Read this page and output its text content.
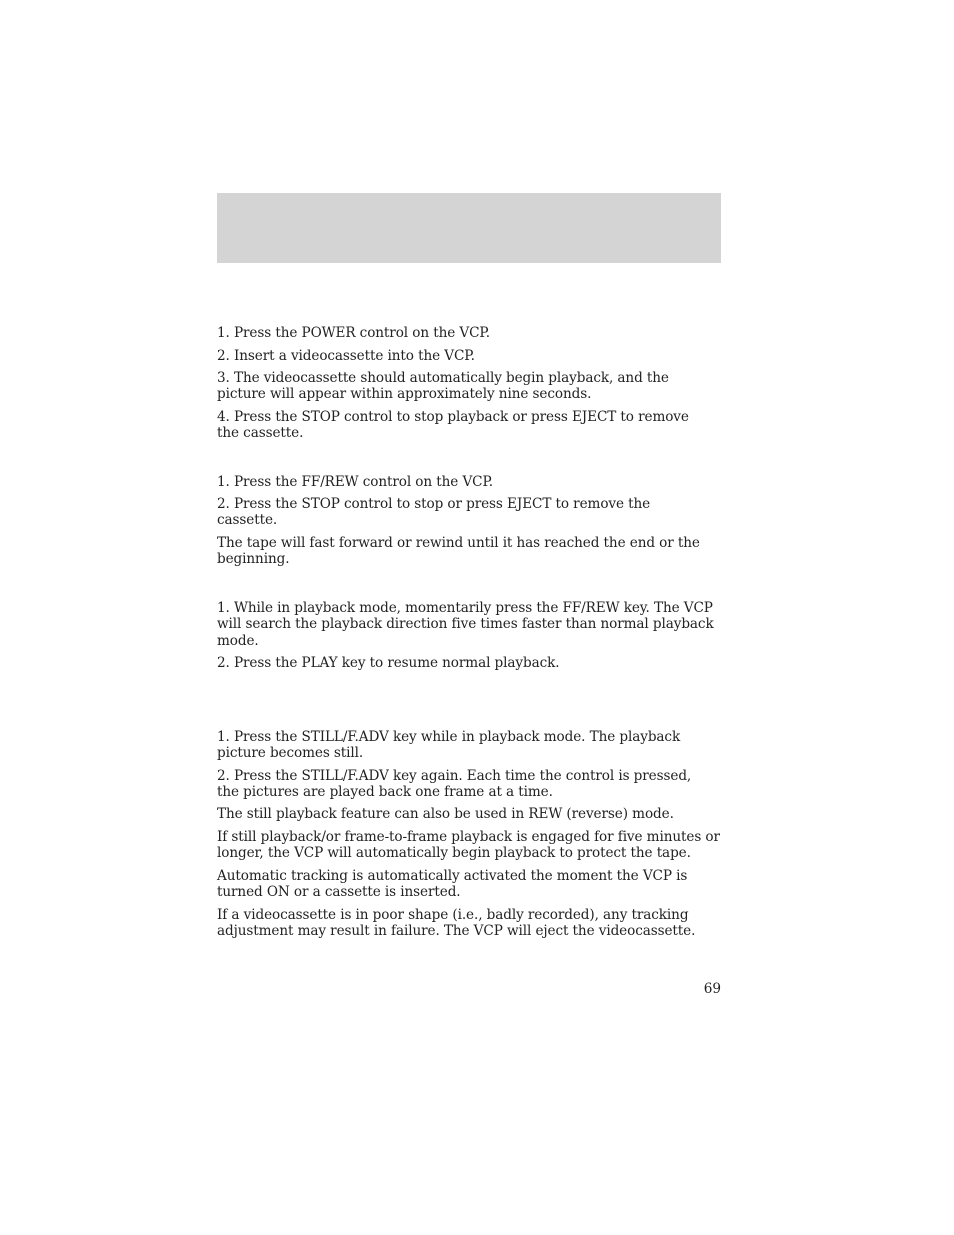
1. Press the POWER control on the VCP.

2. Insert a videocassette into the VCP.

3. The videocassette should automatically begin playback, and the
picture will appear within approximately nine seconds.

4. Press the STOP control to stop playback or press EJECT to remove
the cassette.

1. Press the FF/REW control on the VCP.

2. Press the STOP control to stop or press EJECT to remove the
cassette.

The tape will fast forward or rewind until it has reached the end or the
beginning.

1. While in playback mode, momentarily press the FF/REW key. The VCP
will search the playback direction five times faster than normal playback
mode.

2. Press the PLAY key to resume normal playback.

1. Press the STILL/F.ADV key while in playback mode. The playback
picture becomes still.

2. Press the STILL/F.ADV key again. Each time the control is pressed,
the pictures are played back one frame at a time.

The still playback feature can also be used in REW (reverse) mode.

If still playback/or frame-to-frame playback is engaged for five minutes or
longer, the VCP will automatically begin playback to protect the tape.

Automatic tracking is automatically activated the moment the VCP is
turned ON or a cassette is inserted.

If a videocassette is in poor shape (i.e., badly recorded), any tracking
adjustment may result in failure. The VCP will eject the videocassette.

69
